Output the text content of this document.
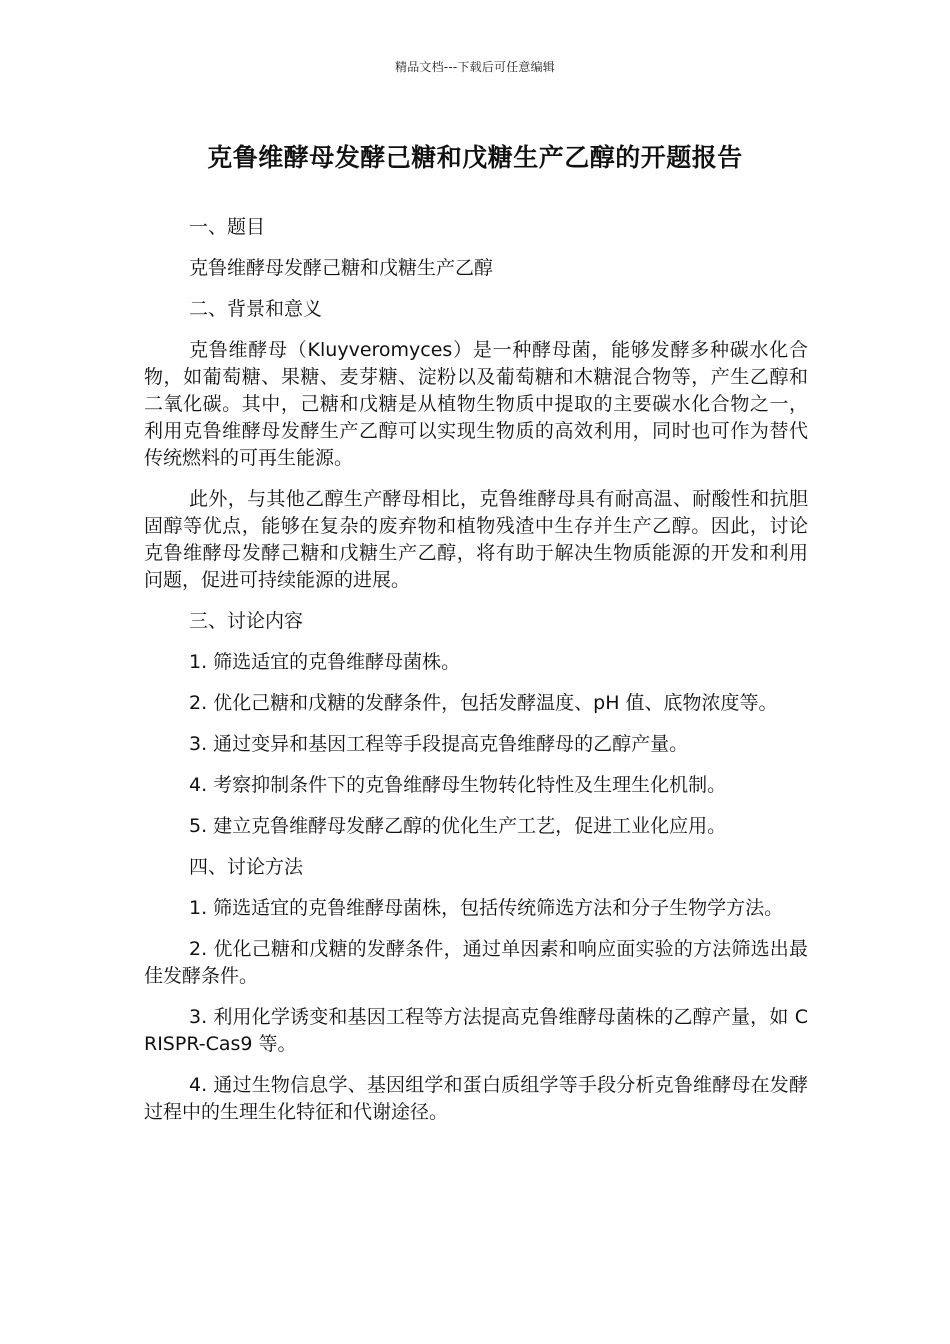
精品文档---下载后可任意编辑
克鲁维酵母发酵己糖和戊糖生产乙醇的开题报告

一、题目

克鲁维酵母发酵己糖和戊糖生产乙醇

二、背景和意义

克鲁维酵母（Kluyveromyces）是一种酵母菌，能够发酵多种碳水化合物，如葡萄糖、果糖、麦芽糖、淀粉以及葡萄糖和木糖混合物等，产生乙醇和二氧化碳。其中，己糖和戊糖是从植物生物质中提取的主要碳水化合物之一，利用克鲁维酵母发酵生产乙醇可以实现生物质的高效利用，同时也可作为替代传统燃料的可再生能源。

此外，与其他乙醇生产酵母相比，克鲁维酵母具有耐高温、耐酸性和抗胆固醇等优点，能够在复杂的废弃物和植物残渣中生存并生产乙醇。因此，讨论克鲁维酵母发酵己糖和戊糖生产乙醇，将有助于解决生物质能源的开发和利用问题，促进可持续能源的进展。

三、讨论内容

1. 筛选适宜的克鲁维酵母菌株。

2. 优化己糖和戊糖的发酵条件，包括发酵温度、pH 值、底物浓度等。

3. 通过变异和基因工程等手段提高克鲁维酵母的乙醇产量。

4. 考察抑制条件下的克鲁维酵母生物转化特性及生理生化机制。

5. 建立克鲁维酵母发酵乙醇的优化生产工艺，促进工业化应用。

四、讨论方法

1. 筛选适宜的克鲁维酵母菌株，包括传统筛选方法和分子生物学方法。

2. 优化己糖和戊糖的发酵条件，通过单因素和响应面实验的方法筛选出最佳发酵条件。

3. 利用化学诱变和基因工程等方法提高克鲁维酵母菌株的乙醇产量，如 CRISPR-Cas9 等。

4. 通过生物信息学、基因组学和蛋白质组学等手段分析克鲁维酵母在发酵过程中的生理生化特征和代谢途径。
